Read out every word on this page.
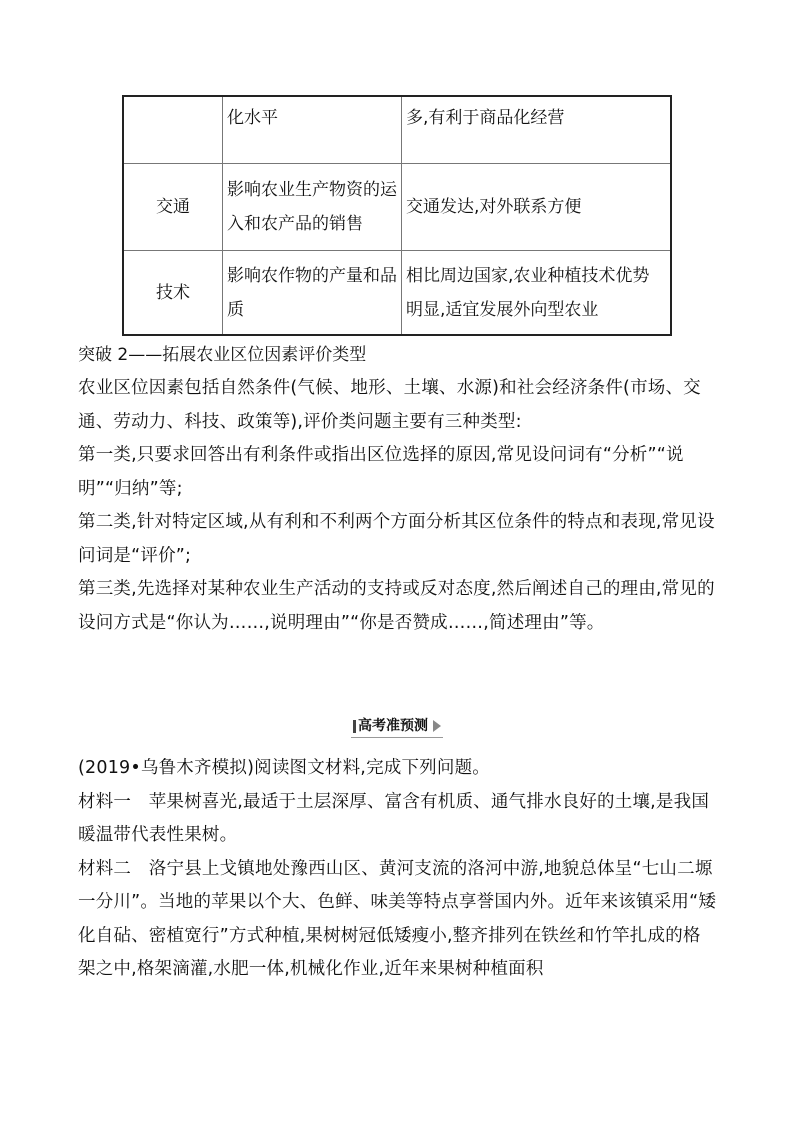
	化水平	多,有利于商品化经营
交通	影响农业生产物资的运入和农产品的销售	交通发达,对外联系方便
技术	影响农作物的产量和品质	相比周边国家,农业种植技术优势明显,适宜发展外向型农业
突破 2——拓展农业区位因素评价类型

农业区位因素包括自然条件(气候、地形、土壤、水源)和社会经济条件(市场、交通、劳动力、科技、政策等),评价类问题主要有三种类型:

第一类,只要求回答出有利条件或指出区位选择的原因,常见设问词有“分析”“说明”“归纳”等;

第二类,针对特定区域,从有利和不利两个方面分析其区位条件的特点和表现,常见设问词是“评价”;

第三类,先选择对某种农业生产活动的支持或反对态度,然后阐述自己的理由,常见的设问方式是“你认为……,说明理由”“你是否赞成……,简述理由”等。

高考准预测

(2019•乌鲁木齐模拟)阅读图文材料,完成下列问题。

材料一　苹果树喜光,最适于土层深厚、富含有机质、通气排水良好的土壤,是我国暖温带代表性果树。

材料二　洛宁县上戈镇地处豫西山区、黄河支流的洛河中游,地貌总体呈“七山二塬一分川”。当地的苹果以个大、色鲜、味美等特点享誉国内外。近年来该镇采用“矮化自砧、密植宽行”方式种植,果树树冠低矮瘦小,整齐排列在铁丝和竹竿扎成的格架之中,格架滴灌,水肥一体,机械化作业,近年来果树种植面积
